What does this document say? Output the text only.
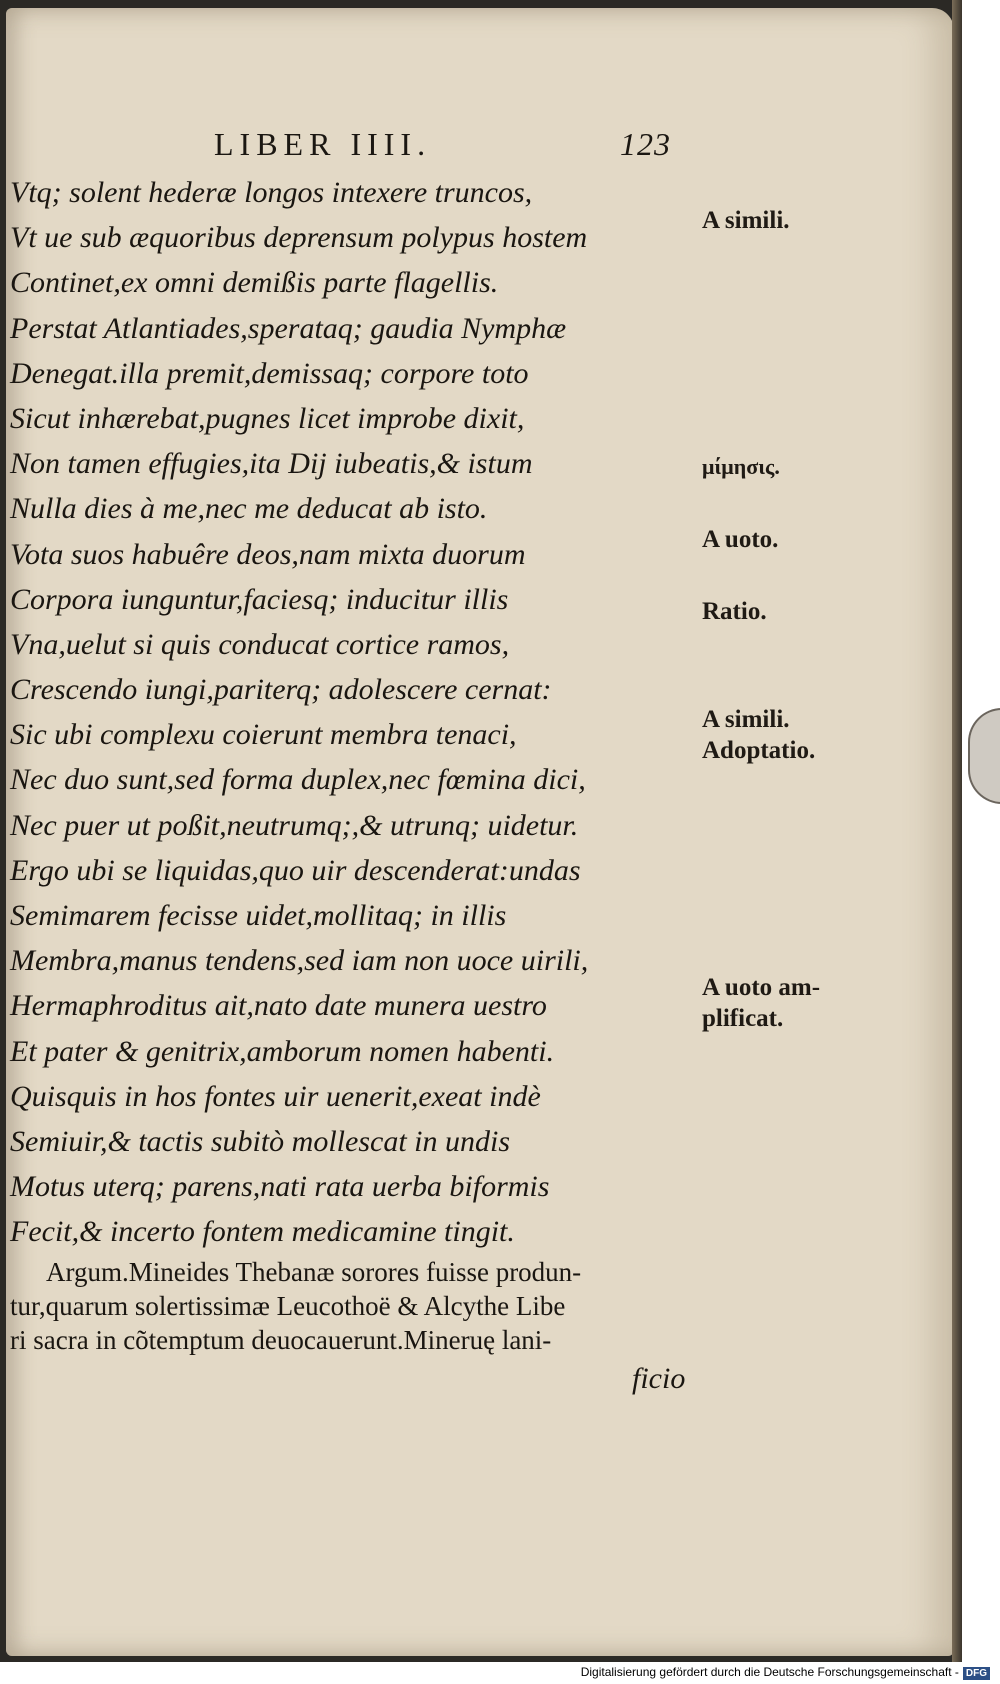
LIBER IIII.	123
Vtq; solent hederæ longos intexere truncos,
Vt ue sub æquoribus deprensum polypus hostem
Continet,ex omni demißis parte flagellis.
Perstat Atlantiades,sperataq; gaudia Nymphæ
Denegat.illa premit,demissaq; corpore toto
Sicut inhærebat,pugnes licet improbe dixit,
Non tamen effugies,ita Dij iubeatis,& istum
Nulla dies à me,nec me deducat ab isto.
Vota suos habuêre deos,nam mixta duorum
Corpora iunguntur,faciesq; inducitur illis
Vna,uelut si quis conducat cortice ramos,
Crescendo iungi,pariterq; adolescere cernat:
Sic ubi complexu coierunt membra tenaci,
Nec duo sunt,sed forma duplex,nec fœmina dici,
Nec puer ut poßit,neutrumq;,& utrunq; uidetur.
Ergo ubi se liquidas,quo uir descenderat:undas
Semimarem fecisse uidet,mollitaq; in illis
Membra,manus tendens,sed iam non uoce uirili,
Hermaphroditus ait,nato date munera uestro
Et pater & genitrix,amborum nomen habenti.
Quisquis in hos fontes uir uenerit,exeat indè
Semiuir,& tactis subitò mollescat in undis
Motus uterq; parens,nati rata uerba biformis
Fecit,& incerto fontem medicamine tingit.

Argum.Mineides Thebanæ sorores fuisse produn-

tur,quarum solertissimæ Leucothoë & Alcythe Libe

ri sacra in cõtemptum deuocauerunt.Mineruę lani-

ficio
A simili.
μίμησις.
A uoto.
Ratio.
A simili.
Adoptatio.
A uoto am-
plificat.
Digitalisierung gefördert durch die Deutsche Forschungsgemeinschaft - DFG
